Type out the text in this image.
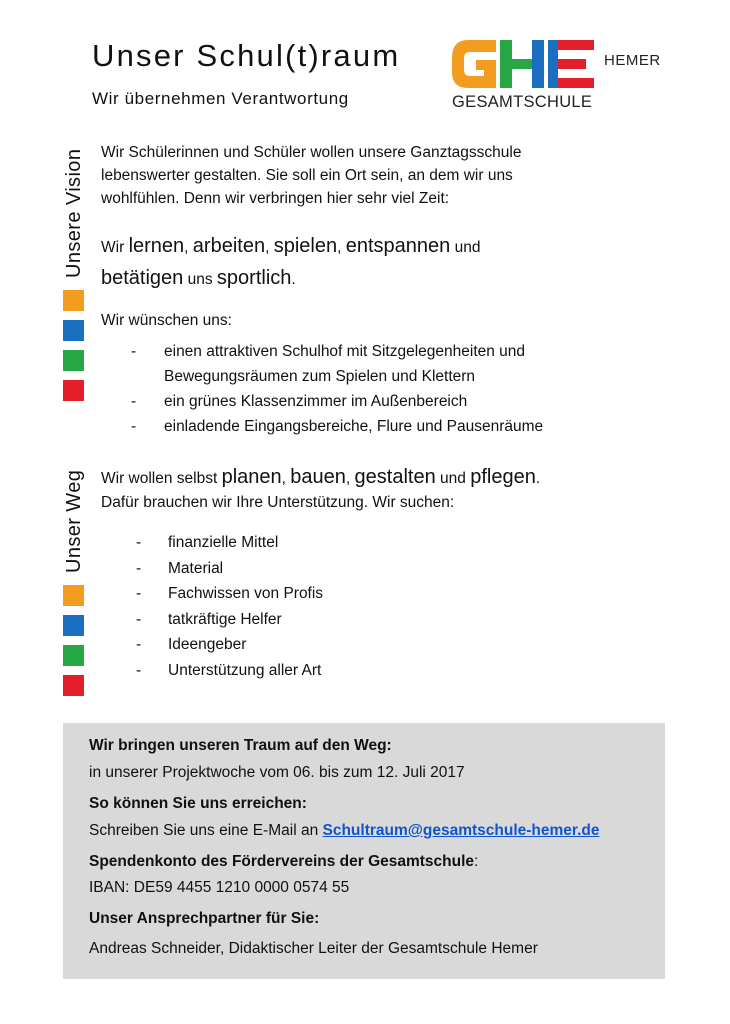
Unser Schul(t)raum
Wir übernehmen Verantwortung	GESAMTSCHULE
HEMER
Unsere Vision Wir Schülerinnen und Schüler wollen unsere Ganztagsschule
lebenswerter gestalten. Sie soll ein Ort sein, an dem wir uns
wohlfühlen. Denn wir verbringen hier sehr viel Zeit:
Wir lernen, arbeiten, spielen, entspannen und
betätigen uns sportlich.
Wir wünschen uns:
- einen attraktiven Schulhof mit Sitzgelegenheiten und
Bewegungsräumen zum Spielen und Klettern
- ein grünes Klassenzimmer im Außenbereich
- einladende Eingangsbereiche, Flure und Pausenräume
Unser Weg Wir wollen selbst planen, bauen, gestalten und pflegen.
Dafür brauchen wir Ihre Unterstützung. Wir suchen:
- finanzielle Mittel
- Material
- Fachwissen von Profis
- tatkräftige Helfer
- Ideengeber
- Unterstützung aller Art
Wir bringen unseren Traum auf den Weg:
in unserer Projektwoche vom 06. bis zum 12. Juli 2017
So können Sie uns erreichen:
Schreiben Sie uns eine E-Mail an Schultraum@gesamtschule-hemer.de
Spendenkonto des Fördervereins der Gesamtschule:
IBAN: DE59 4455 1210 0000 0574 55
Unser Ansprechpartner für Sie:
Andreas Schneider, Didaktischer Leiter der Gesamtschule Hemer
